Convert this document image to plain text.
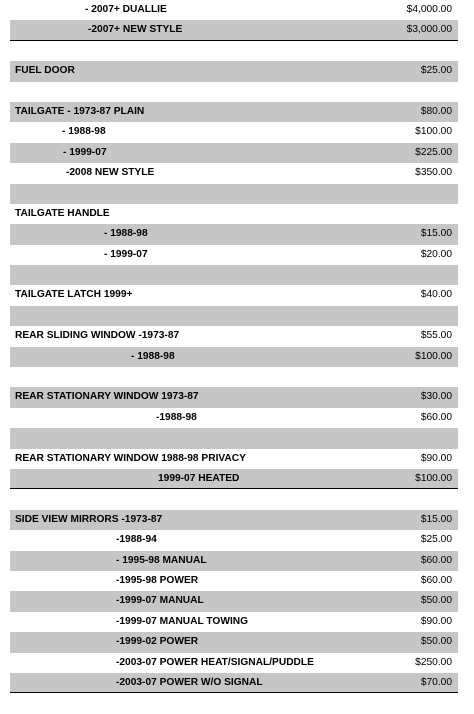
- 2007+ DUALLIE	$4,000.00
-2007+ NEW STYLE	$3,000.00
FUEL DOOR	$25.00
TAILGATE - 1973-87 PLAIN	$80.00
- 1988-98	$100.00
- 1999-07	$225.00
-2008 NEW STYLE	$350.00
TAILGATE HANDLE
- 1988-98	$15.00
- 1999-07	$20.00
TAILGATE LATCH 1999+	$40.00
REAR SLIDING WINDOW -1973-87	$55.00
- 1988-98	$100.00
REAR STATIONARY WINDOW 1973-87	$30.00
-1988-98	$60.00
REAR STATIONARY WINDOW 1988-98 PRIVACY	$90.00
1999-07 HEATED	$100.00
SIDE VIEW MIRRORS -1973-87	$15.00
-1988-94	$25.00
- 1995-98 MANUAL	$60.00
-1995-98 POWER	$60.00
-1999-07 MANUAL	$50.00
-1999-07 MANUAL TOWING	$90.00
-1999-02 POWER	$50.00
-2003-07 POWER HEAT/SIGNAL/PUDDLE	$250.00
-2003-07 POWER W/O SIGNAL	$70.00
